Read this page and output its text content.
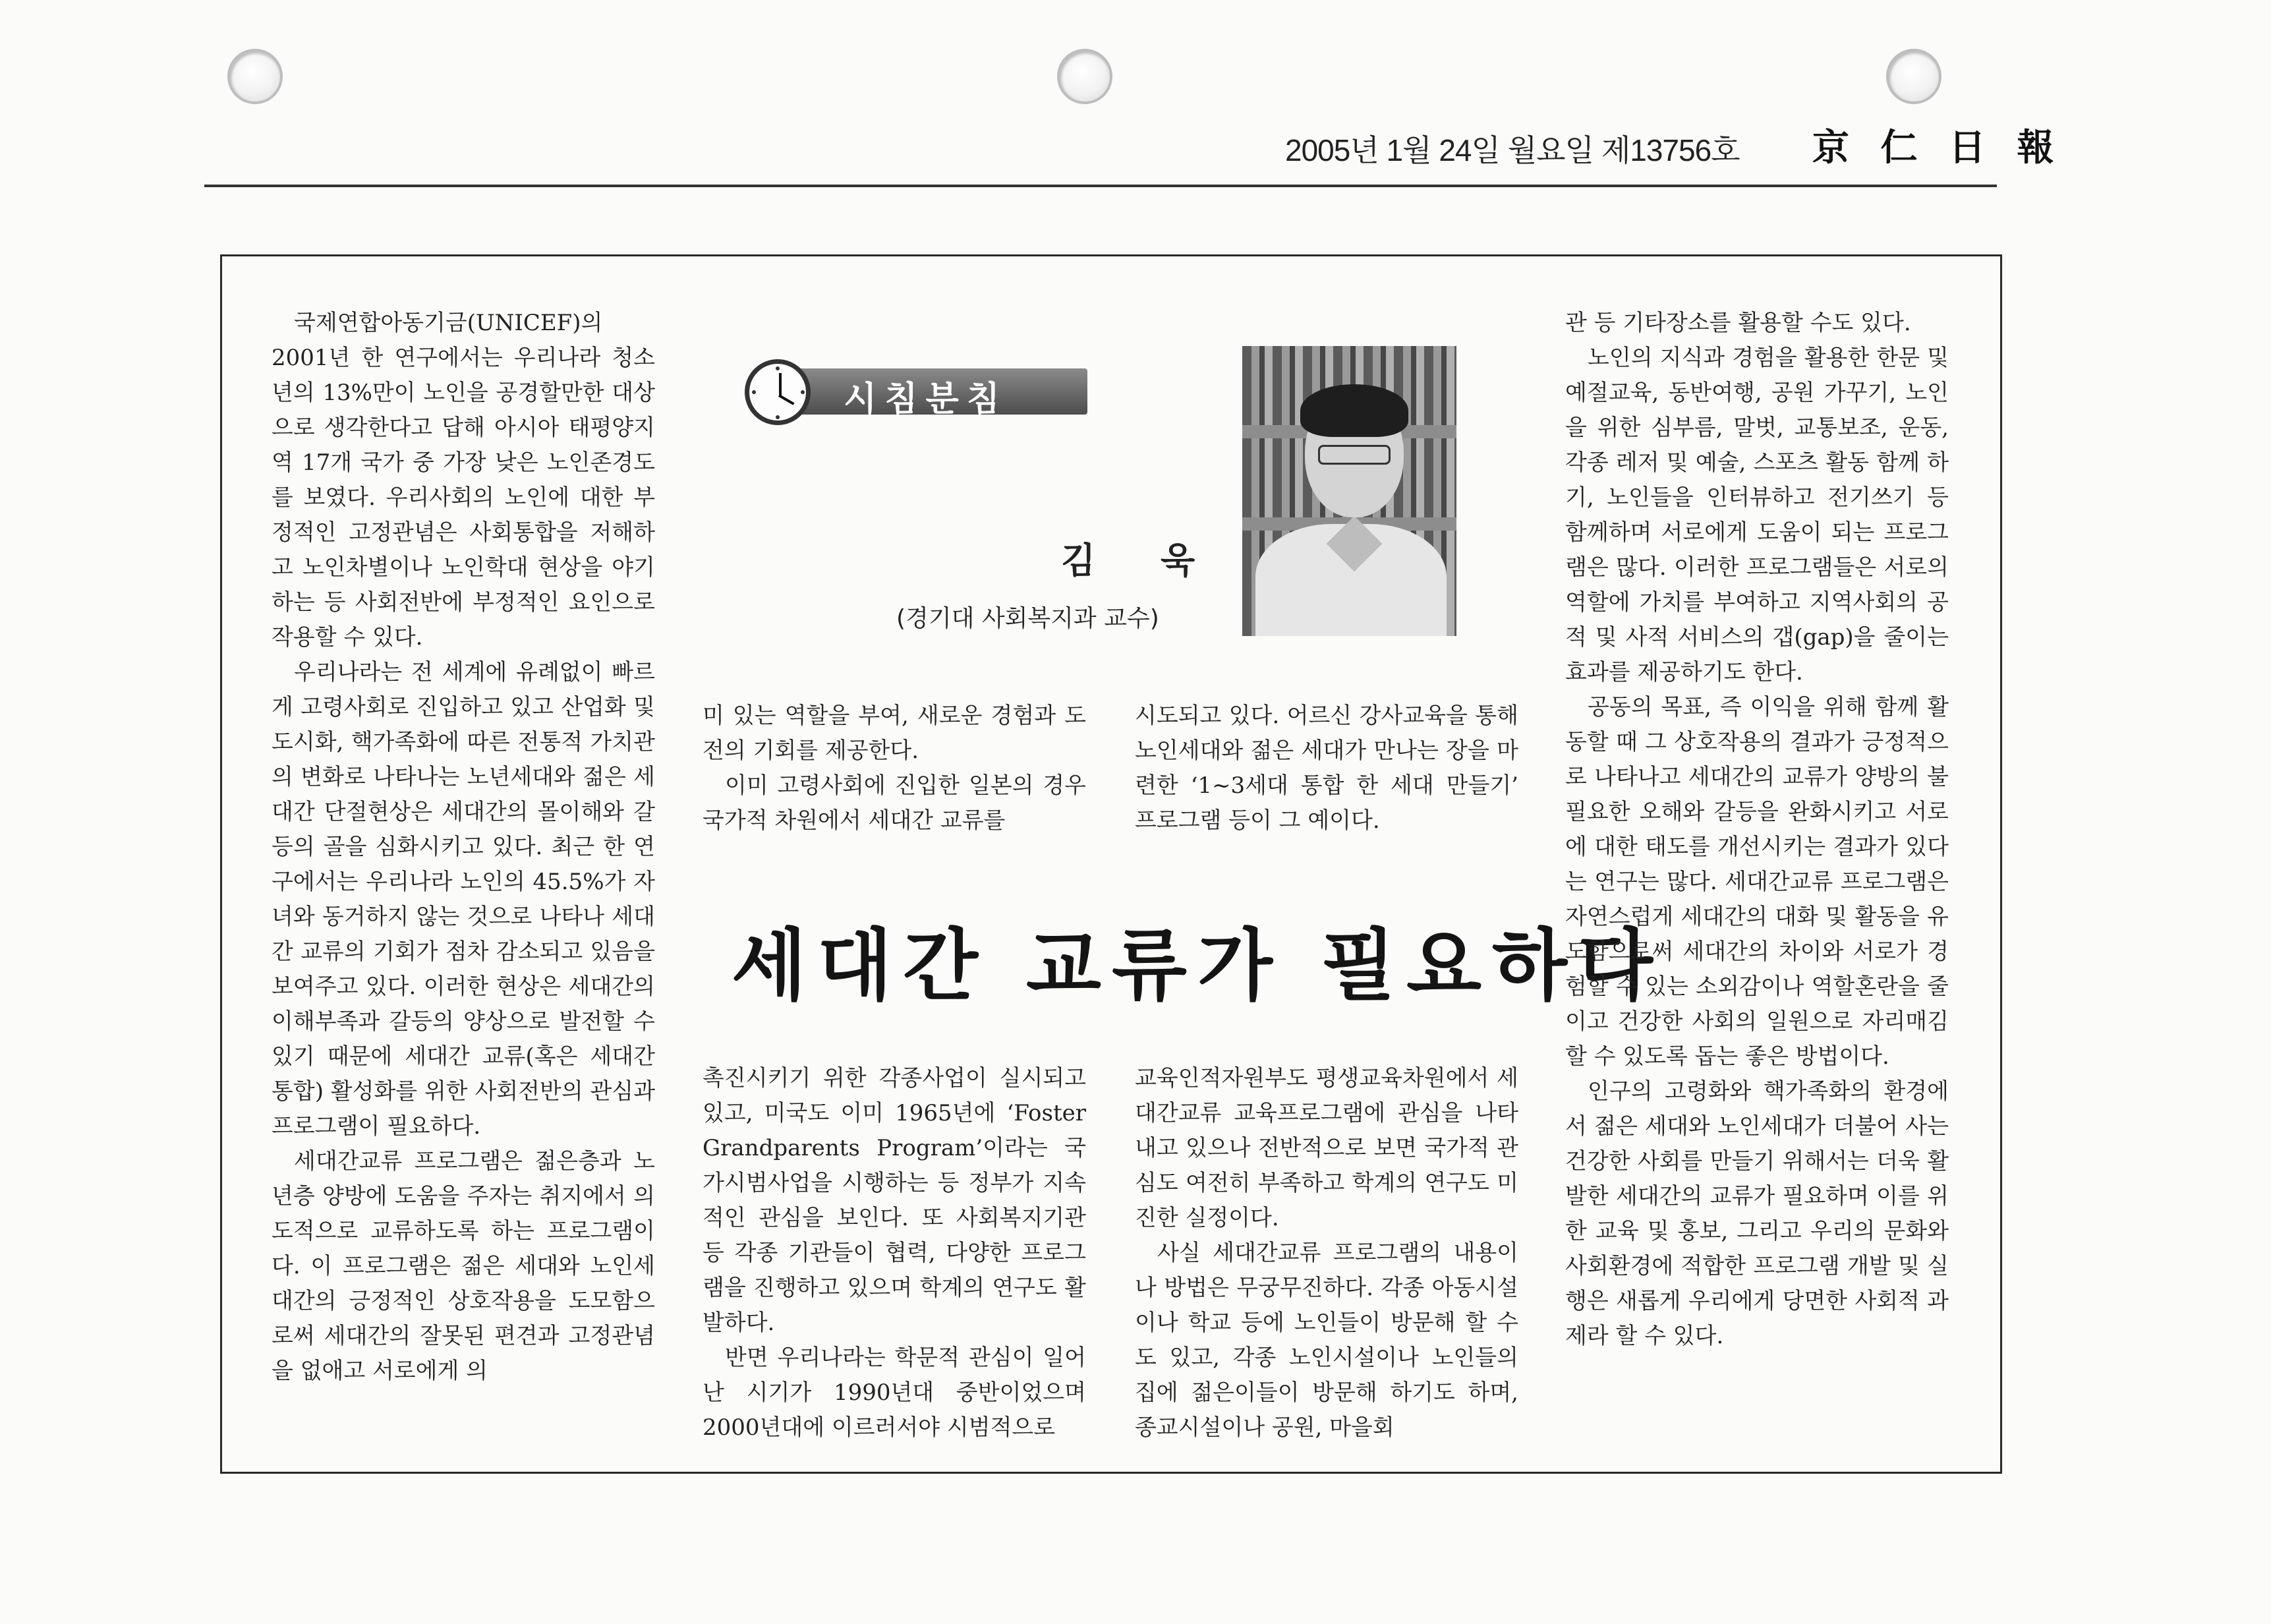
2005년 1월 24일 월요일 제13756호 京 仁 日 報

국제연합아동기금(UNICEF)의 2001년 한 연구에서는 우리나라 청소년의 13%만이 노인을 공경할만한 대상으로 생각한다고 답해 아시아 태평양지역 17개 국가 중 가장 낮은 노인존경도를 보였다. 우리사회의 노인에 대한 부정적인 고정관념은 사회통합을 저해하고 노인차별이나 노인학대 현상을 야기하는 등 사회전반에 부정적인 요인으로 작용할 수 있다.

우리나라는 전 세계에 유례없이 빠르게 고령사회로 진입하고 있고 산업화 및 도시화, 핵가족화에 따른 전통적 가치관의 변화로 나타나는 노년세대와 젊은 세대간 단절현상은 세대간의 몰이해와 갈등의 골을 심화시키고 있다. 최근 한 연구에서는 우리나라 노인의 45.5%가 자녀와 동거하지 않는 것으로 나타나 세대간 교류의 기회가 점차 감소되고 있음을 보여주고 있다. 이러한 현상은 세대간의 이해부족과 갈등의 양상으로 발전할 수 있기 때문에 세대간 교류(혹은 세대간 통합) 활성화를 위한 사회전반의 관심과 프로그램이 필요하다.

세대간교류 프로그램은 젊은층과 노년층 양방에 도움을 주자는 취지에서 의도적으로 교류하도록 하는 프로그램이다. 이 프로그램은 젊은 세대와 노인세대간의 긍정적인 상호작용을 도모함으로써 세대간의 잘못된 편견과 고정관념을 없애고 서로에게 의

시침분침
김 욱
(경기대 사회복지과 교수)

미 있는 역할을 부여, 새로운 경험과 도전의 기회를 제공한다.

이미 고령사회에 진입한 일본의 경우 국가적 차원에서 세대간 교류를

시도되고 있다. 어르신 강사교육을 통해 노인세대와 젊은 세대가 만나는 장을 마련한 ‘1~3세대 통합 한 세대 만들기’ 프로그램 등이 그 예이다.

세대간 교류가 필요하다

촉진시키기 위한 각종사업이 실시되고 있고, 미국도 이미 1965년에 ‘Foster Grandparents Program’이라는 국가시범사업을 시행하는 등 정부가 지속적인 관심을 보인다. 또 사회복지기관 등 각종 기관들이 협력, 다양한 프로그램을 진행하고 있으며 학계의 연구도 활발하다.

반면 우리나라는 학문적 관심이 일어난 시기가 1990년대 중반이었으며 2000년대에 이르러서야 시범적으로

교육인적자원부도 평생교육차원에서 세대간교류 교육프로그램에 관심을 나타내고 있으나 전반적으로 보면 국가적 관심도 여전히 부족하고 학계의 연구도 미진한 실정이다.

사실 세대간교류 프로그램의 내용이나 방법은 무궁무진하다. 각종 아동시설이나 학교 등에 노인들이 방문해 할 수도 있고, 각종 노인시설이나 노인들의 집에 젊은이들이 방문해 하기도 하며, 종교시설이나 공원, 마을회

관 등 기타장소를 활용할 수도 있다.

노인의 지식과 경험을 활용한 한문 및 예절교육, 동반여행, 공원 가꾸기, 노인을 위한 심부름, 말벗, 교통보조, 운동, 각종 레저 및 예술, 스포츠 활동 함께 하기, 노인들을 인터뷰하고 전기쓰기 등 함께하며 서로에게 도움이 되는 프로그램은 많다. 이러한 프로그램들은 서로의 역할에 가치를 부여하고 지역사회의 공적 및 사적 서비스의 갭(gap)을 줄이는 효과를 제공하기도 한다.

공동의 목표, 즉 이익을 위해 함께 활동할 때 그 상호작용의 결과가 긍정적으로 나타나고 세대간의 교류가 양방의 불필요한 오해와 갈등을 완화시키고 서로에 대한 태도를 개선시키는 결과가 있다는 연구는 많다. 세대간교류 프로그램은 자연스럽게 세대간의 대화 및 활동을 유도함으로써 세대간의 차이와 서로가 경험할 수 있는 소외감이나 역할혼란을 줄이고 건강한 사회의 일원으로 자리매김 할 수 있도록 돕는 좋은 방법이다.

인구의 고령화와 핵가족화의 환경에서 젊은 세대와 노인세대가 더불어 사는 건강한 사회를 만들기 위해서는 더욱 활발한 세대간의 교류가 필요하며 이를 위한 교육 및 홍보, 그리고 우리의 문화와 사회환경에 적합한 프로그램 개발 및 실행은 새롭게 우리에게 당면한 사회적 과제라 할 수 있다.
